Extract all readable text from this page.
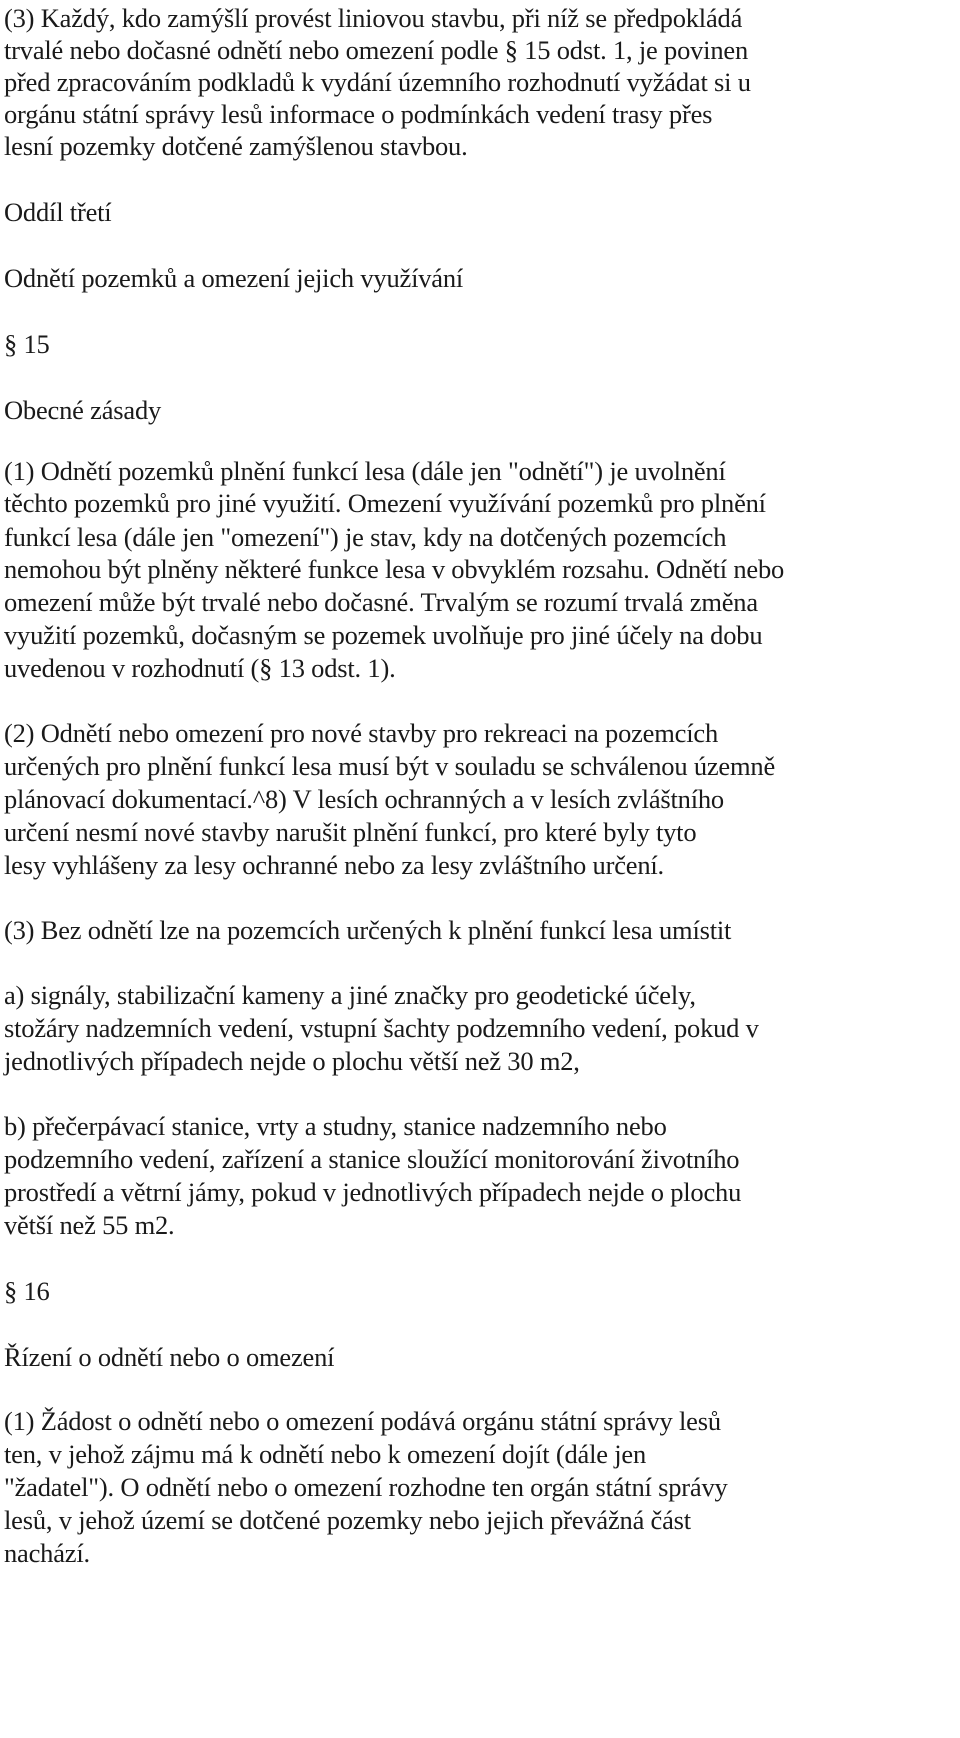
(3) Každý, kdo zamýšlí provést liniovou stavbu, při níž se předpokládá
trvalé nebo dočasné odnětí nebo omezení podle § 15 odst. 1, je povinen
před zpracováním podkladů k vydání územního rozhodnutí vyžádat si u
orgánu státní správy lesů informace o podmínkách vedení trasy přes
lesní pozemky dotčené zamýšlenou stavbou.
Oddíl třetí
Odnětí pozemků a omezení jejich využívání
§ 15
Obecné zásady
(1) Odnětí pozemků plnění funkcí lesa (dále jen "odnětí") je uvolnění
těchto pozemků pro jiné využití. Omezení využívání pozemků pro plnění
funkcí lesa (dále jen "omezení") je stav, kdy na dotčených pozemcích
nemohou být plněny některé funkce lesa v obvyklém rozsahu. Odnětí nebo
omezení může být trvalé nebo dočasné. Trvalým se rozumí trvalá změna
využití pozemků, dočasným se pozemek uvolňuje pro jiné účely na dobu
uvedenou v rozhodnutí (§ 13 odst. 1).
(2) Odnětí nebo omezení pro nové stavby pro rekreaci na pozemcích
určených pro plnění funkcí lesa musí být v souladu se schválenou územně
plánovací dokumentací.^8) V lesích ochranných a v lesích zvláštního
určení nesmí nové stavby narušit plnění funkcí, pro které byly tyto
lesy vyhlášeny za lesy ochranné nebo za lesy zvláštního určení.
(3) Bez odnětí lze na pozemcích určených k plnění funkcí lesa umístit
a) signály, stabilizační kameny a jiné značky pro geodetické účely,
stožáry nadzemních vedení, vstupní šachty podzemního vedení, pokud v
jednotlivých případech nejde o plochu větší než 30 m2,
b) přečerpávací stanice, vrty a studny, stanice nadzemního nebo
podzemního vedení, zařízení a stanice sloužící monitorování životního
prostředí a větrní jámy, pokud v jednotlivých případech nejde o plochu
větší než 55 m2.
§ 16
Řízení o odnětí nebo o omezení
(1) Žádost o odnětí nebo o omezení podává orgánu státní správy lesů
ten, v jehož zájmu má k odnětí nebo k omezení dojít (dále jen
"žadatel"). O odnětí nebo o omezení rozhodne ten orgán státní správy
lesů, v jehož území se dotčené pozemky nebo jejich převážná část
nachází.
